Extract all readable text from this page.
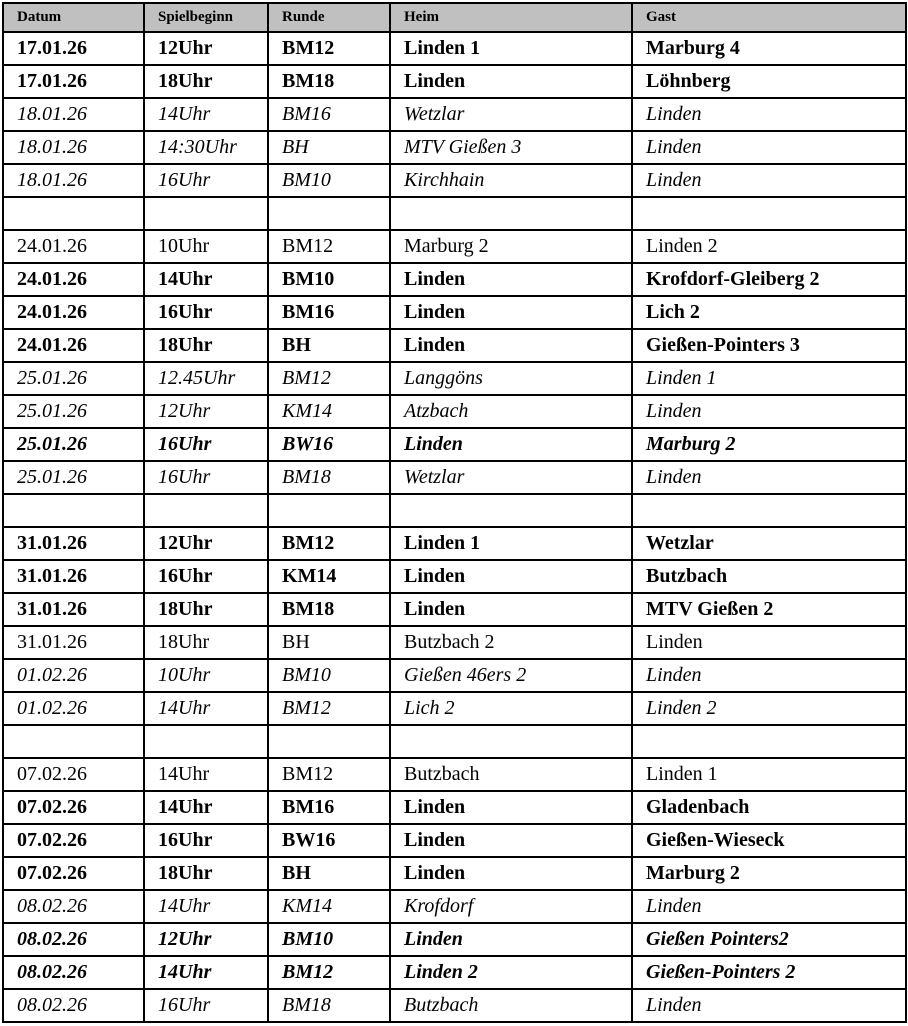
Datum	Spielbeginn	Runde	Heim	Gast
17.01.26	12Uhr	BM12	Linden 1	Marburg 4
17.01.26	18Uhr	BM18	Linden	Löhnberg
18.01.26	14Uhr	BM16	Wetzlar	Linden
18.01.26	14:30Uhr	BH	MTV Gießen 3	Linden
18.01.26	16Uhr	BM10	Kirchhain	Linden

24.01.26	10Uhr	BM12	Marburg 2	Linden 2
24.01.26	14Uhr	BM10	Linden	Krofdorf-Gleiberg 2
24.01.26	16Uhr	BM16	Linden	Lich 2
24.01.26	18Uhr	BH	Linden	Gießen-Pointers 3
25.01.26	12.45Uhr	BM12	Langgöns	Linden 1
25.01.26	12Uhr	KM14	Atzbach	Linden
25.01.26	16Uhr	BW16	Linden	Marburg 2
25.01.26	16Uhr	BM18	Wetzlar	Linden

31.01.26	12Uhr	BM12	Linden 1	Wetzlar
31.01.26	16Uhr	KM14	Linden	Butzbach
31.01.26	18Uhr	BM18	Linden	MTV Gießen 2
31.01.26	18Uhr	BH	Butzbach 2	Linden
01.02.26	10Uhr	BM10	Gießen 46ers 2	Linden
01.02.26	14Uhr	BM12	Lich 2	Linden 2

07.02.26	14Uhr	BM12	Butzbach	Linden 1
07.02.26	14Uhr	BM16	Linden	Gladenbach
07.02.26	16Uhr	BW16	Linden	Gießen-Wieseck
07.02.26	18Uhr	BH	Linden	Marburg 2
08.02.26	14Uhr	KM14	Krofdorf	Linden
08.02.26	12Uhr	BM10	Linden	Gießen Pointers2
08.02.26	14Uhr	BM12	Linden 2	Gießen-Pointers 2
08.02.26	16Uhr	BM18	Butzbach	Linden
